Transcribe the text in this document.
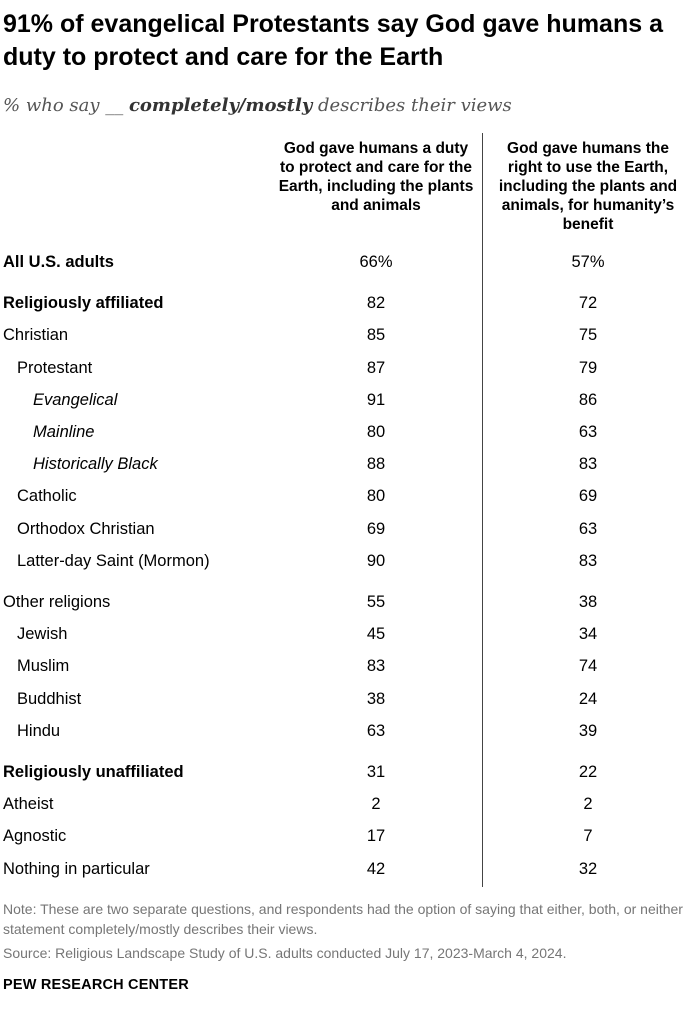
91% of evangelical Protestants say God gave humans a duty to protect and care for the Earth
% who say __ completely/mostly describes their views
God gave humans a duty to protect and care for the Earth, including the plants and animals
God gave humans the right to use the Earth, including the plants and animals, for humanity’s benefit
All U.S. adults	66%	57%
Religiously affiliated	82	72
Christian	85	75
Protestant	87	79
Evangelical	91	86
Mainline	80	63
Historically Black	88	83
Catholic	80	69
Orthodox Christian	69	63
Latter-day Saint (Mormon)	90	83
Other religions	55	38
Jewish	45	34
Muslim	83	74
Buddhist	38	24
Hindu	63	39
Religiously unaffiliated	31	22
Atheist	2	2
Agnostic	17	7
Nothing in particular	42	32
Note: These are two separate questions, and respondents had the option of saying that either, both, or neither statement completely/mostly describes their views.
Source: Religious Landscape Study of U.S. adults conducted July 17, 2023-March 4, 2024.
PEW RESEARCH CENTER
